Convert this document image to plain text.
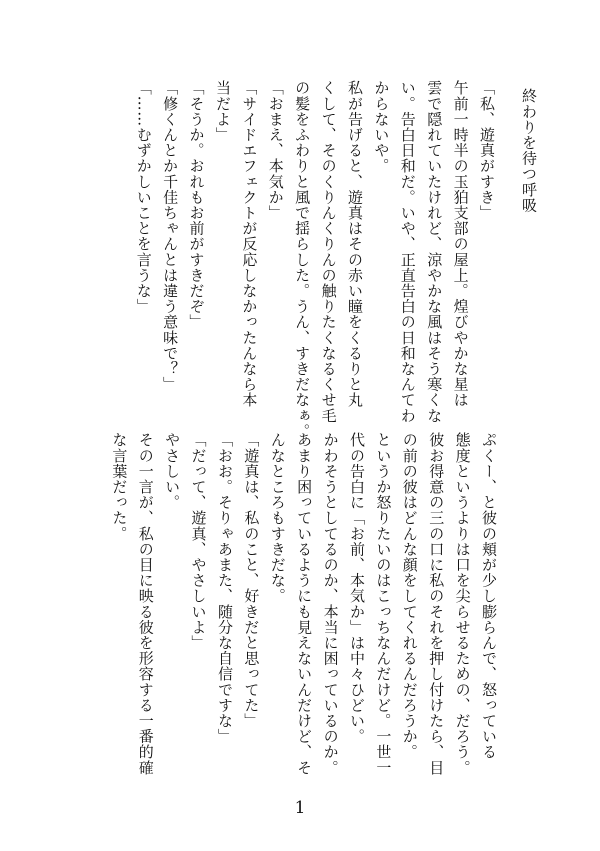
終わりを待つ呼吸
「私、遊真がすき」
午前一時半の玉狛支部の屋上。煌びやかな星は
雲で隠れていたけれど、涼やかな風はそう寒くな
い。告白日和だ。いや、正直告白の日和なんてわ
からないや。
私が告げると、遊真はその赤い瞳をくるりと丸
くして、そのくりんくりんの触りたくなるくせ毛
の髪をふわりと風で揺らした。うん、すきだなぁ。
「おまえ、本気か」
「サイドエフェクトが反応しなかったんなら本
当だよ」
「そうか。おれもお前がすきだぞ」
「修くんとか千佳ちゃんとは違う意味で？」
「……むずかしいことを言うな」
ぷくー、と彼の頬が少し膨らんで、怒っている
態度というよりは口を尖らせるための、だろう。
彼お得意の三の口に私のそれを押し付けたら、目
の前の彼はどんな顔をしてくれるんだろうか。
というか怒りたいのはこっちなんだけど。一世一
代の告白に「お前、本気か」は中々ひどい。
かわそうとしてるのか、本当に困っているのか。
あまり困っているようにも見えないんだけど、そ
んなところもすきだな。
「遊真は、私のこと、好きだと思ってた」
「おお。そりゃあまた、随分な自信ですな」
「だって、遊真、やさしいよ」
やさしい。
その一言が、私の目に映る彼を形容する一番的確
な言葉だった。
1
